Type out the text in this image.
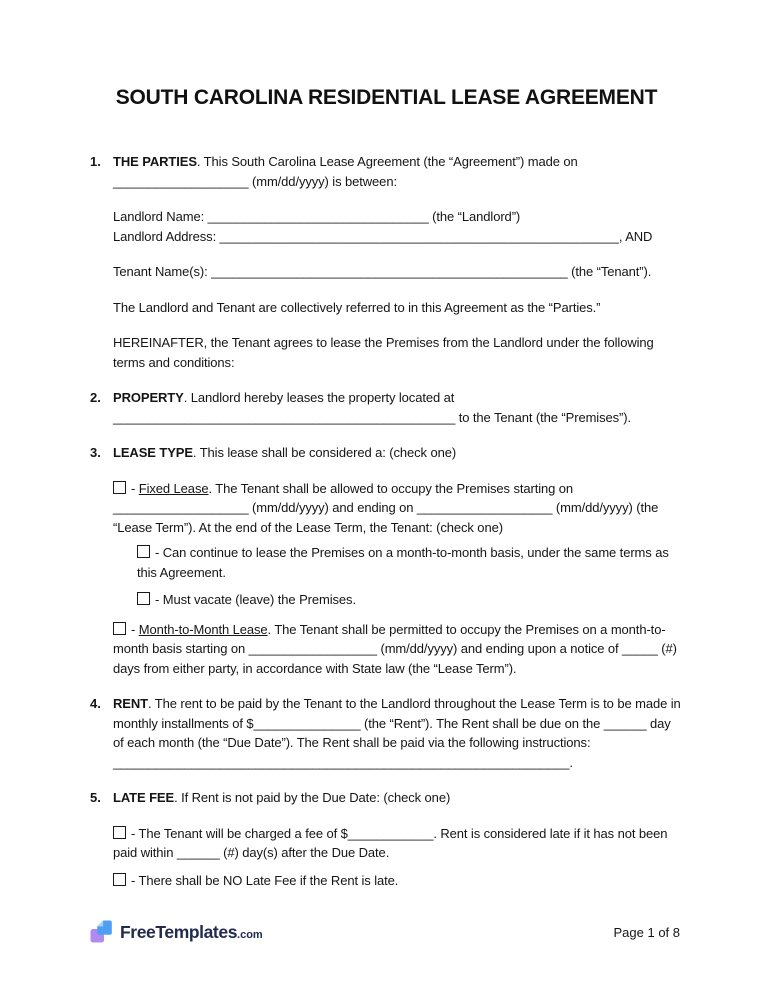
SOUTH CAROLINA RESIDENTIAL LEASE AGREEMENT
1. THE PARTIES. This South Carolina Lease Agreement (the “Agreement”) made on ___________________ (mm/dd/yyyy) is between:

Landlord Name: _______________________________ (the “Landlord”)

Landlord Address: ________________________________________________________, AND

Tenant Name(s): __________________________________________________ (the “Tenant”).

The Landlord and Tenant are collectively referred to in this Agreement as the “Parties.”

HEREINAFTER, the Tenant agrees to lease the Premises from the Landlord under the following terms and conditions:

2. PROPERTY. Landlord hereby leases the property located at ________________________________________________ to the Tenant (the “Premises”).

3. LEASE TYPE. This lease shall be considered a: (check one)

- Fixed Lease. The Tenant shall be allowed to occupy the Premises starting on ___________________ (mm/dd/yyyy) and ending on ___________________ (mm/dd/yyyy) (the “Lease Term”). At the end of the Lease Term, the Tenant: (check one)

- Can continue to lease the Premises on a month-to-month basis, under the same terms as this Agreement.

- Must vacate (leave) the Premises.

- Month-to-Month Lease. The Tenant shall be permitted to occupy the Premises on a month-to-month basis starting on __________________ (mm/dd/yyyy) and ending upon a notice of _____ (#) days from either party, in accordance with State law (the “Lease Term”).

4. RENT. The rent to be paid by the Tenant to the Landlord throughout the Lease Term is to be made in monthly installments of $_______________ (the “Rent”). The Rent shall be due on the ______ day of each month (the “Due Date”). The Rent shall be paid via the following instructions: ________________________________________________________________.

5. LATE FEE. If Rent is not paid by the Due Date: (check one)

- The Tenant will be charged a fee of $____________. Rent is considered late if it has not been paid within ______ (#) day(s) after the Due Date.

- There shall be NO Late Fee if the Rent is late.

FreeTemplates.com	Page 1 of 8
